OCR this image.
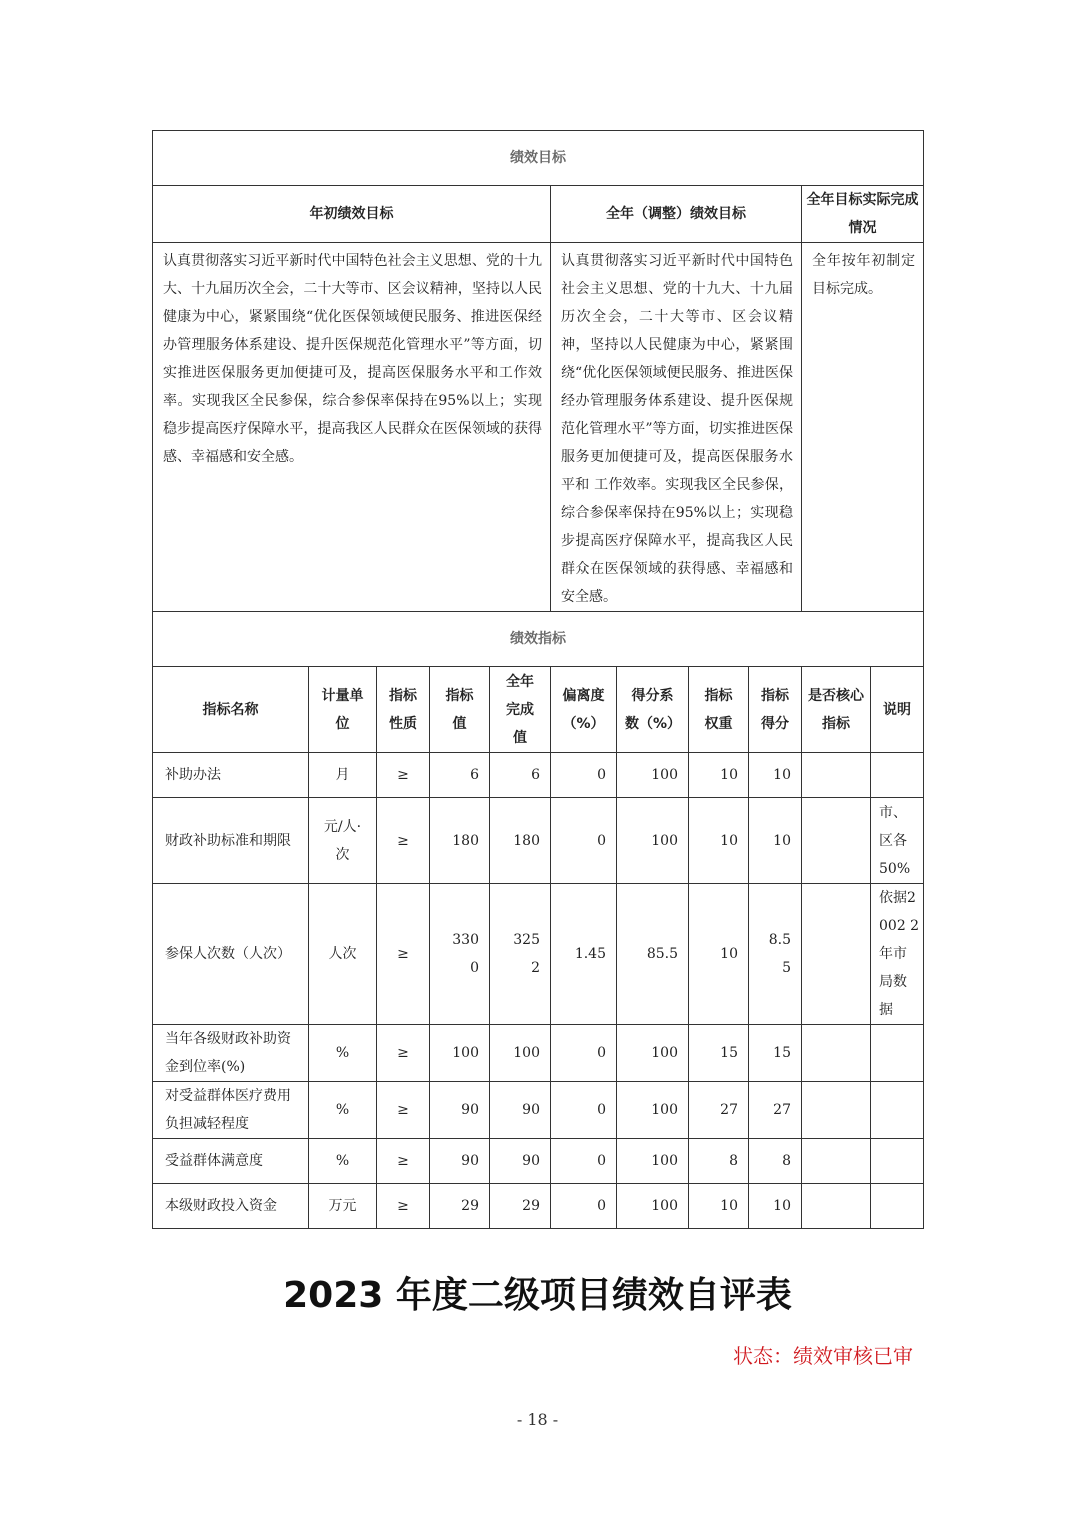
绩效目标										
年初绩效目标					全年（调整）绩效目标				全年目标实际完成情况	
认真贯彻落实习近平新时代中国特色社会主义思想、党的十九大、十九届历次全会，二十大等市、区会议精神，坚持以人民健康为中心，紧紧围绕“优化医保领域便民服务、推进医保经办管理服务体系建设、提升医保规范化管理水平”等方面，切实推进医保服务更加便捷可及，提高医保服务水平和工作效率。实现我区全民参保，综合参保率保持在95%以上；实现稳步提高医疗保障水平，提高我区人民群众在医保领域的获得感、幸福感和安全感。					认真贯彻落实习近平新时代中国特色社会主义思想、党的十九大、十九届历次全会，二十大等市、区会议精神，坚持以人民健康为中心，紧紧围绕“优化医保领域便民服务、推进医保经办管理服务体系建设、提升医保规范化管理水平”等方面，切实推进医保服务更加便捷可及，提高医保服务水平和 工作效率。实现我区全民参保，综合参保率保持在95%以上；实现稳步提高医疗保障水平，提高我区人民群众在医保领域的获得感、幸福感和安全感。				全年按年初制定目标完成。	
绩效指标										
指标名称	计量单位	指标性质	指标值	全年完成值	偏离度（%）	得分系数（%）	指标权重	指标得分	是否核心指标	说明
补助办法	月	≥	6	6	0	100	10	10		
财政补助标准和期限	元/人·次	≥	180	180	0	100	10	10		市、区各50%
参保人次数（人次）	人次	≥	3300	3252	1.45	85.5	10	8.55		依据2002 2年市局数据
当年各级财政补助资金到位率(%)	%	≥	100	100	0	100	15	15		
对受益群体医疗费用负担减轻程度	%	≥	90	90	0	100	27	27		
受益群体满意度	%	≥	90	90	0	100	8	8		
本级财政投入资金	万元	≥	29	29	0	100	10	10		
2023 年度二级项目绩效自评表
状态：绩效审核已审
- 18 -
